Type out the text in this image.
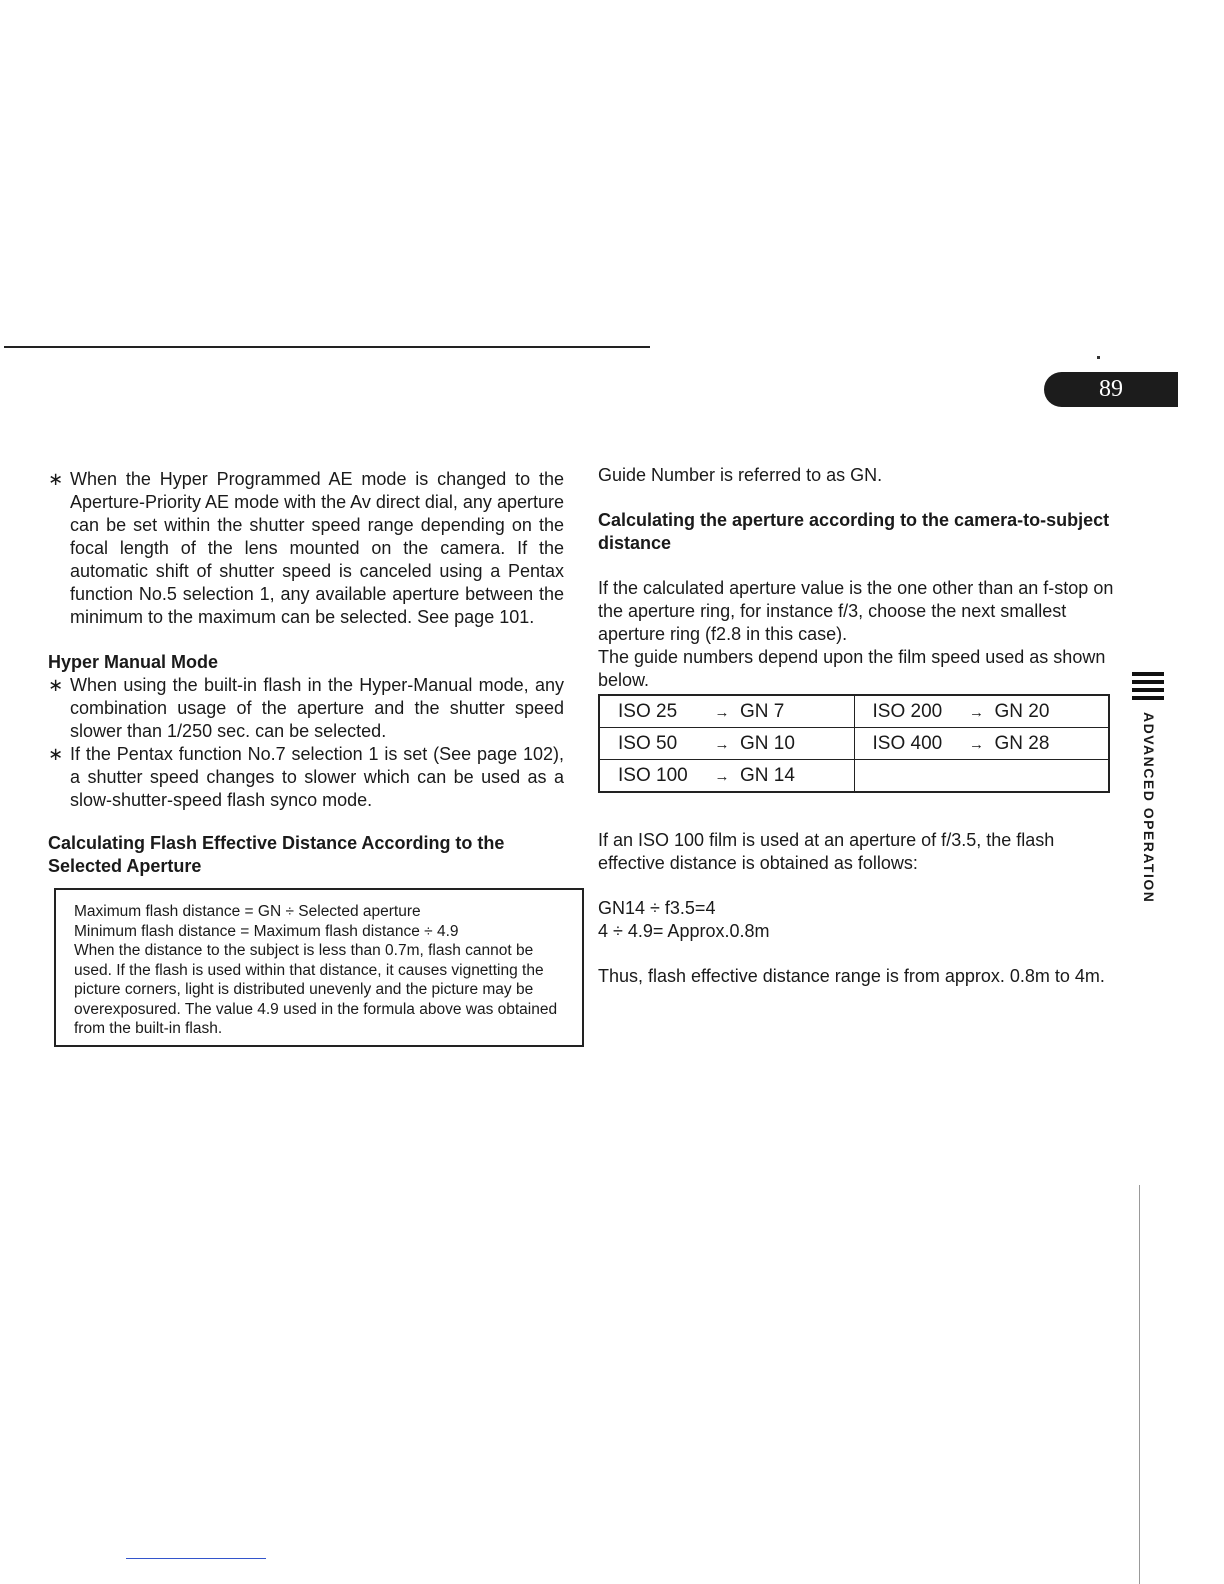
89
∗ When the Hyper Programmed AE mode is changed to the Aperture-Priority AE mode with the Av direct dial, any aperture can be set within the shutter speed range depending on the focal length of the lens mounted on the camera. If the automatic shift of shutter speed is canceled using a Pentax function No.5 selection 1, any available aperture between the minimum to the maximum can be selected. See page 101.
Hyper Manual Mode
∗ When using the built-in flash in the Hyper-Manual mode, any combination usage of the aperture and the shutter speed slower than 1/250 sec. can be selected.
∗ If the Pentax function No.7 selection 1 is set (See page 102), a shutter speed changes to slower which can be used as a slow-shutter-speed flash synco mode.
Calculating Flash Effective Distance According to the Selected Aperture
Maximum flash distance = GN ÷ Selected aperture
Minimum flash distance = Maximum flash distance ÷ 4.9
When the distance to the subject is less than 0.7m, flash cannot be used. If the flash is used within that distance, it causes vignetting the picture corners, light is distributed unevenly and the picture may be overexposured. The value 4.9 used in the formula above was obtained from the built-in flash.
Guide Number is referred to as GN.
Calculating the aperture according to the camera-to-subject distance
If the calculated aperture value is the one other than an f-stop on the aperture ring, for instance f/3, choose the next smallest aperture ring (f2.8 in this case).
The guide numbers depend upon the film speed used as shown below.
ISO 25 → GN 7	ISO 200 → GN 20
ISO 50 → GN 10	ISO 400 → GN 28
ISO 100 → GN 14	
If an ISO 100 film is used at an aperture of f/3.5, the flash effective distance is obtained as follows:
GN14 ÷ f3.5=4
4 ÷ 4.9= Approx.0.8m
Thus, flash effective distance range is from approx. 0.8m to 4m.
ADVANCED OPERATION
